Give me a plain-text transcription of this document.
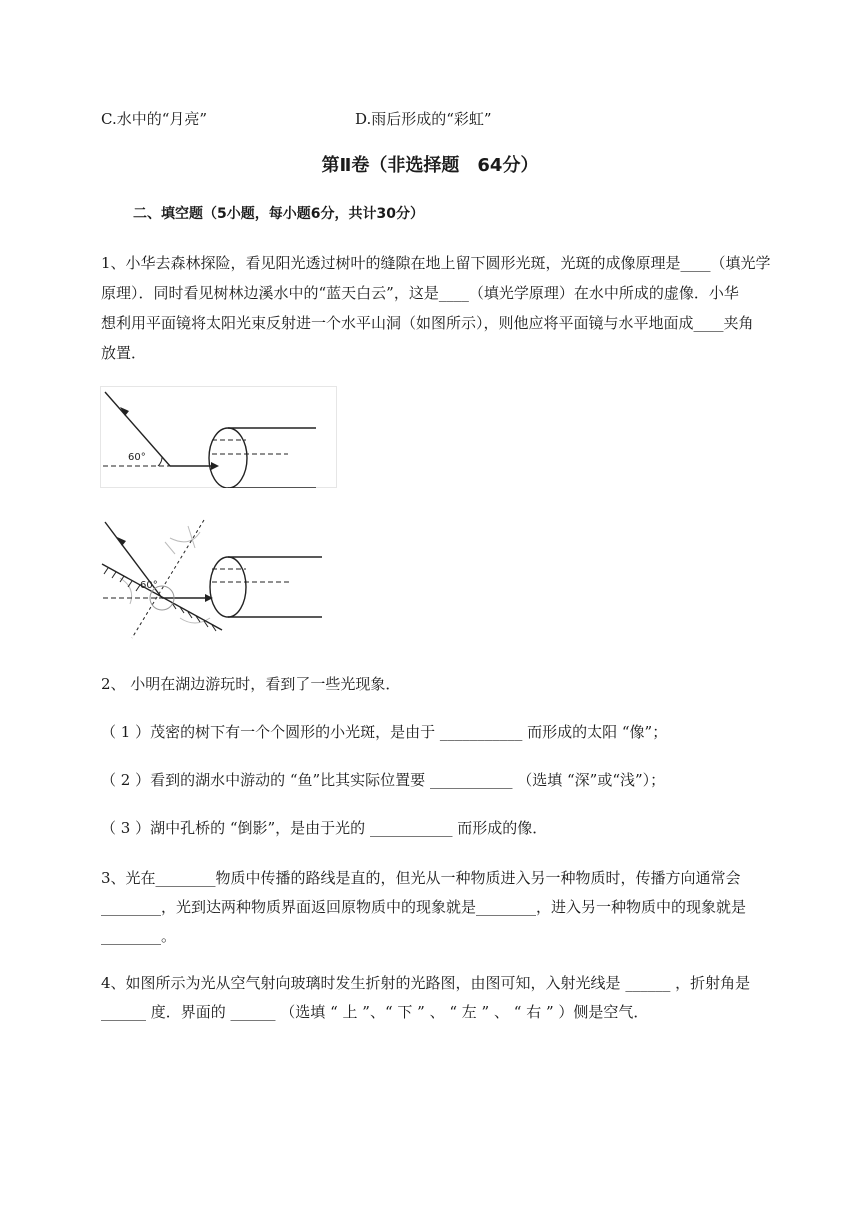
C.水中的“月亮”	D.雨后形成的“彩虹”
第Ⅱ卷（非选择题　64分）
二、填空题（5小题，每小题6分，共计30分）
1、小华去森林探险，看见阳光透过树叶的缝隙在地上留下圆形光斑，光斑的成像原理是____（填光学
原理）．同时看见树林边溪水中的“蓝天白云”，这是____（填光学原理）在水中所成的虚像．小华
想利用平面镜将太阳光束反射进一个水平山洞（如图所示），则他应将平面镜与水平地面成____夹角
放置．
60°
60°
2、 小明在湖边游玩时，看到了一些光现象．
（ 1 ）茂密的树下有一个个圆形的小光斑，是由于 ___________ 而形成的太阳 “像”；
（ 2 ）看到的湖水中游动的 “鱼”比其实际位置要 ___________ （选填 “深”或“浅”）；
（ 3 ）湖中孔桥的 “倒影”，是由于光的 ___________ 而形成的像．
3、光在________物质中传播的路线是直的，但光从一种物质进入另一种物质时，传播方向通常会
________，光到达两种物质界面返回原物质中的现象就是________，进入另一种物质中的现象就是
________。
4、如图所示为光从空气射向玻璃时发生折射的光路图，由图可知，入射光线是 ______ ，折射角是
______ 度．界面的 ______ （选填 “ 上 ”、“ 下 ” 、 “ 左 ” 、 “ 右 ” ）侧是空气．
